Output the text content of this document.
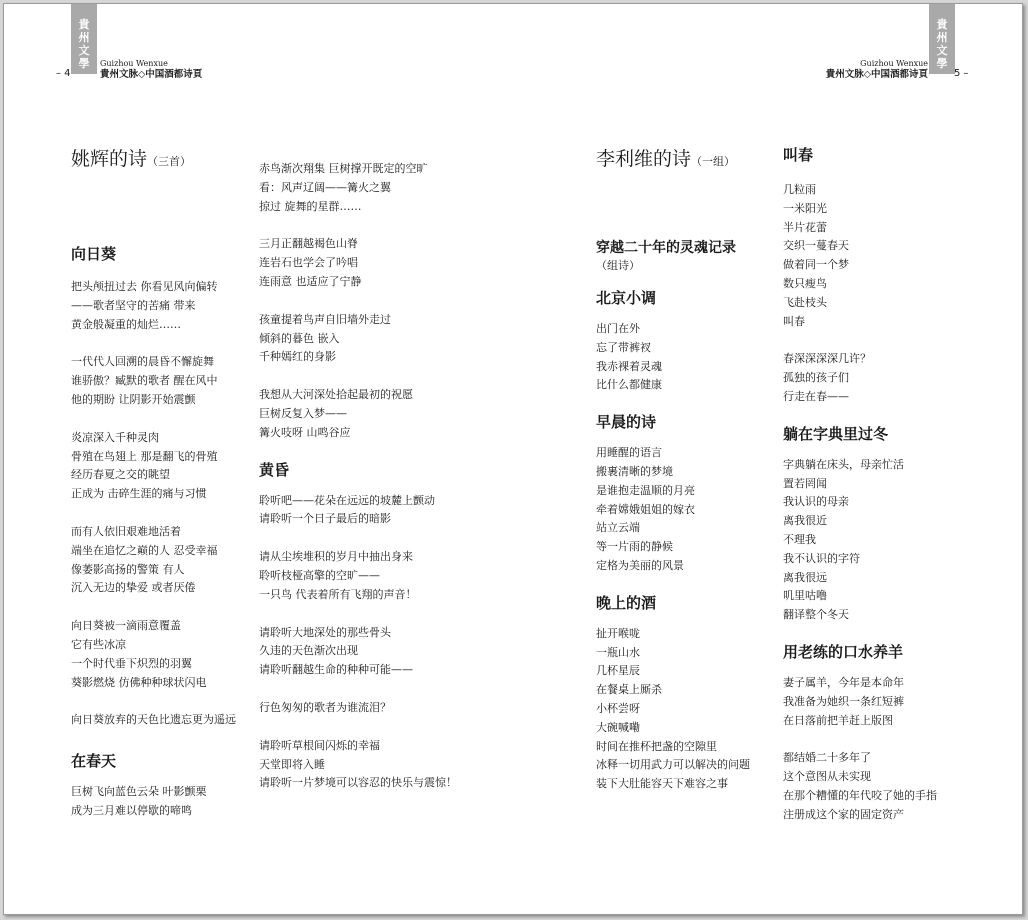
貴州文學	Guizhou Wenxue
貴州文脉◇中国酒都诗頁
– 4
貴州文學
Guizhou Wenxue
貴州文脉◇中国酒都诗頁	5 –
姚辉的诗（三首）
向日葵
把头颅扭过去 你看见风向偏转
——歌者坚守的苦痛 带来
黄金般凝重的灿烂……
一代代人回溯的晨昏不懈旋舞
谁骄傲？臧默的歌者 醒在风中
他的期盼 让阴影开始震颤
炎凉深入千种灵肉
骨殖在鸟翅上 那是翻飞的骨殖
经历春夏之交的眺望
正成为 击碎生涯的痛与习惯
而有人依旧艰难地活着
端坐在追忆之巅的人 忍受幸福
像萎影高扬的警策 有人
沉入无边的挚爱 或者厌倦
向日葵被一滴雨意覆盖
它有些冰凉
一个时代垂下炽烈的羽翼
葵影燃烧 仿佛种种球状闪电
向日葵放弃的天色比遗忘更为遥远
在春天
巨树飞向蓝色云朵 叶影颤栗
成为三月难以停歇的啼鸣
赤鸟渐次翔集 巨树撑开既定的空旷
看：风声辽阔——篝火之翼
掠过 旋舞的星群……
三月正翻越褐色山脊
连岩石也学会了吟唱
连雨意 也适应了宁静
孩童提着鸟声自旧墙外走过
倾斜的暮色 嵌入
千种嫣红的身影
我想从大河深处拾起最初的祝愿
巨树反复入梦——
篝火吱呀 山鸣谷应
黄昏
聆听吧——花朵在远远的坡麓上颤动
请聆听一个日子最后的暗影
请从尘埃堆积的岁月中抽出身来
聆听枝桠高擎的空旷——
一只鸟 代表着所有飞翔的声音！
请聆听大地深处的那些骨头
久违的天色渐次出现
请聆听翻越生命的种种可能——
行色匆匆的歌者为谁流泪？
请聆听草根间闪烁的幸福
天堂即将入睡
请聆听一片梦境可以容忍的快乐与震惊！
李利维的诗（一组）
穿越二十年的灵魂记录（组诗）
北京小调
出门在外
忘了带裤衩
我赤裸着灵魂
比什么都健康
早晨的诗
用睡醒的语言
搬裹清晰的梦境
是谁抱走温顺的月亮
牵着嫦娥姐姐的嫁衣
站立云端
等一片雨的静候
定格为美丽的风景
晚上的酒
扯开喉咙
一瓶山水
几杯星辰
在餐桌上厮杀
小杯尝呀
大碗喊嘞
时间在推杯把盏的空隙里
冰释一切用武力可以解决的问题
装下大肚能容天下难容之事
叫春
几粒雨
一米阳光
半片花蕾
交织一蔓春天
做着同一个梦
数只瘦鸟
飞赴枝头
叫春
春深深深深几许？
孤独的孩子们
行走在春——
躺在字典里过冬
字典躺在床头，母亲忙活
置若罔闻
我认识的母亲
离我很近
不理我
我不认识的字符
离我很远
叽里咕噜
翻译整个冬天
用老练的口水养羊
妻子属羊，今年是本命年
我准备为她织一条红短裤
在日落前把羊赶上版图
都结婚二十多年了
这个意图从未实现
在那个糟懂的年代咬了她的手指
注册成这个家的固定资产
